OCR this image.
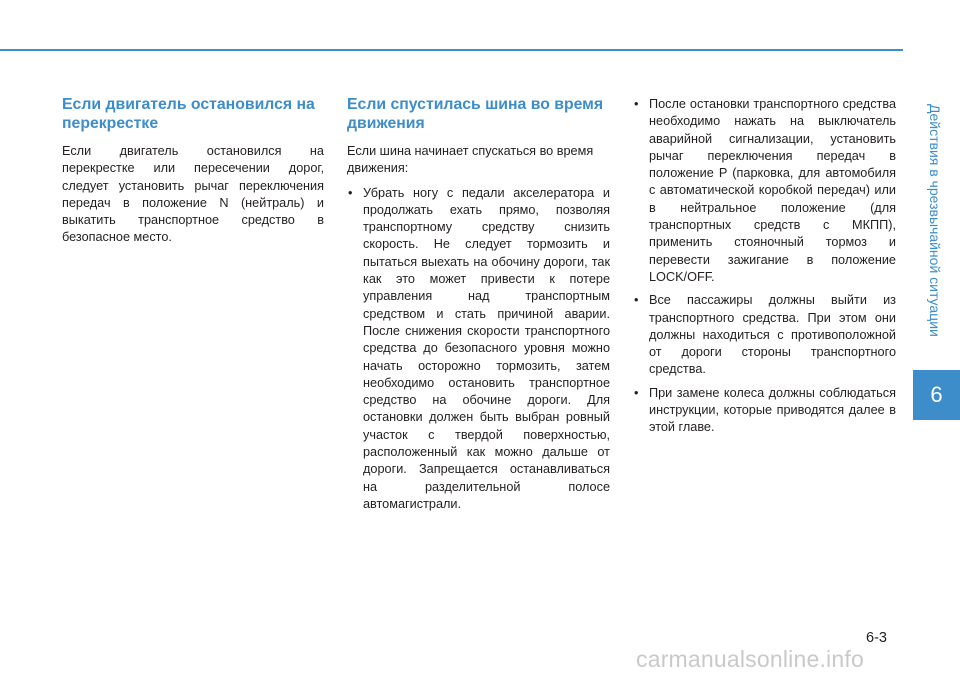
Если двигатель остановился на перекрестке

Если двигатель остановился на перекрестке или пересечении дорог, следует установить рычаг переключения передач в положение N (нейтраль) и выкатить транспортное средство в безопасное место.

Если спустилась шина во время движения

Если шина начинает спускаться во время движения:

• Убрать ногу с педали акселератора и продолжать ехать прямо, позволяя транспортному средству снизить скорость. Не следует тормозить и пытаться выехать на обочину дороги, так как это может привести к потере управления над транспортным средством и стать причиной аварии. После снижения скорости транспортного средства до безопасного уровня можно начать осторожно тормозить, затем необходимо остановить транспортное средство на обочине дороги. Для остановки должен быть выбран ровный участок с твердой поверхностью, расположенный как можно дальше от дороги. Запрещается останавливаться на разделительной полосе автомагистрали.
• После остановки транспортного средства необходимо нажать на выключатель аварийной сигнализации, установить рычаг переключения передач в положение P (парковка, для автомобиля с автоматической коробкой передач) или в нейтральное положение (для транспортных средств с МКПП), применить стояночный тормоз и перевести зажигание в положение LOCK/OFF.
• Все пассажиры должны выйти из транспортного средства. При этом они должны находиться с противоположной от дороги стороны транспортного средства.
• При замене колеса должны соблюдаться инструкции, которые приводятся далее в этой главе.
Действия в чрезвычайной ситуации
6
6-3
carmanualsonline.info
